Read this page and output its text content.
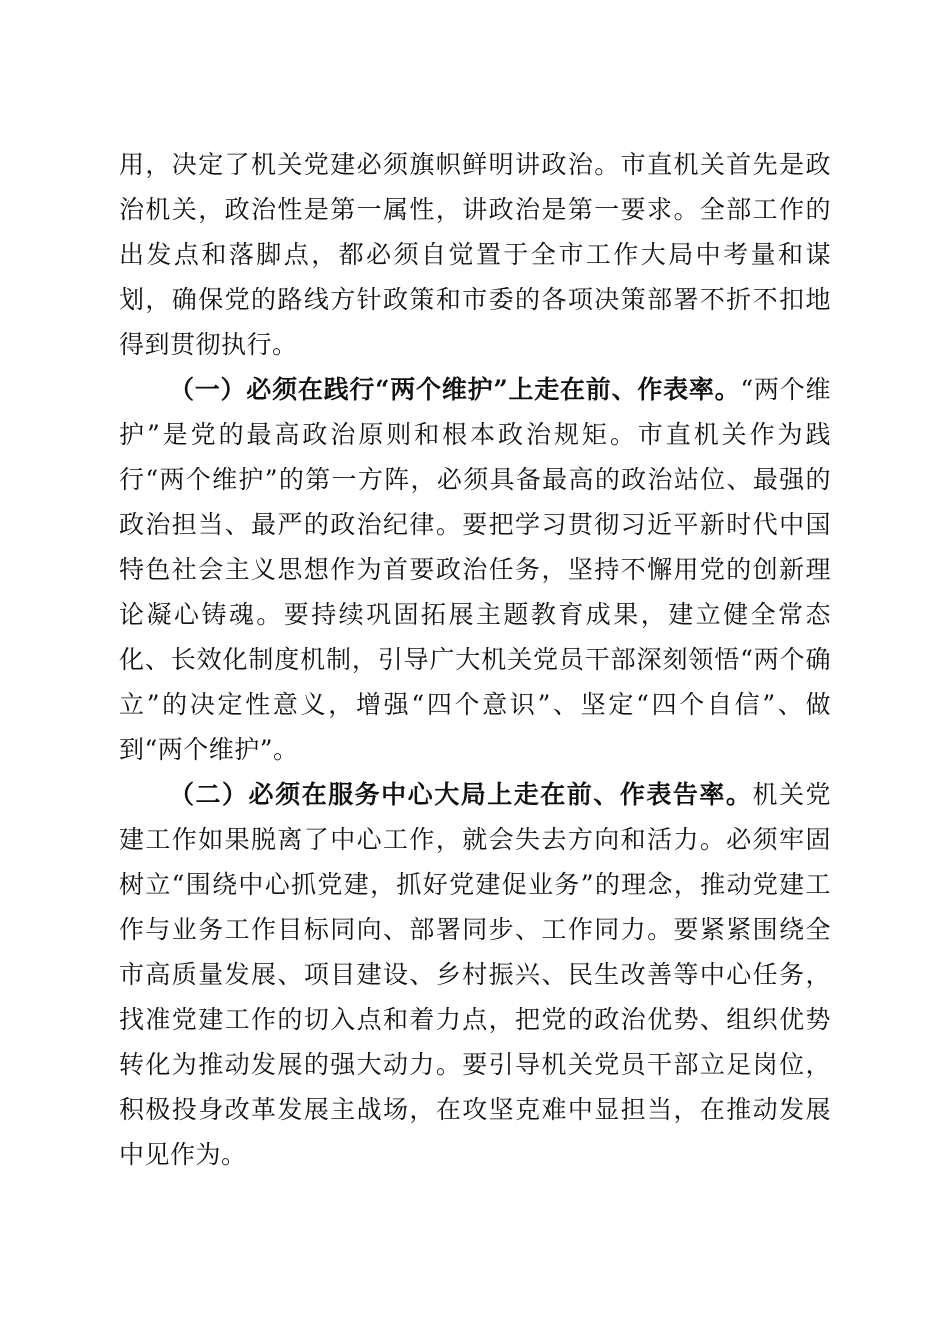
用，决定了机关党建必须旗帜鲜明讲政治。市直机关首先是政治机关，政治性是第一属性，讲政治是第一要求。全部工作的出发点和落脚点，都必须自觉置于全市工作大局中考量和谋划，确保党的路线方针政策和市委的各项决策部署不折不扣地得到贯彻执行。

（一）必须在践行“两个维护”上走在前、作表率。“两个维护”是党的最高政治原则和根本政治规矩。市直机关作为践行“两个维护”的第一方阵，必须具备最高的政治站位、最强的政治担当、最严的政治纪律。要把学习贯彻习近平新时代中国特色社会主义思想作为首要政治任务，坚持不懈用党的创新理论凝心铸魂。要持续巩固拓展主题教育成果，建立健全常态化、长效化制度机制，引导广大机关党员干部深刻领悟“两个确立”的决定性意义，增强“四个意识”、坚定“四个自信”、做到“两个维护”。

（二）必须在服务中心大局上走在前、作表告率。机关党建工作如果脱离了中心工作，就会失去方向和活力。必须牢固树立“围绕中心抓党建，抓好党建促业务”的理念，推动党建工作与业务工作目标同向、部署同步、工作同力。要紧紧围绕全市高质量发展、项目建设、乡村振兴、民生改善等中心任务，找准党建工作的切入点和着力点，把党的政治优势、组织优势转化为推动发展的强大动力。要引导机关党员干部立足岗位，积极投身改革发展主战场，在攻坚克难中显担当，在推动发展中见作为。
